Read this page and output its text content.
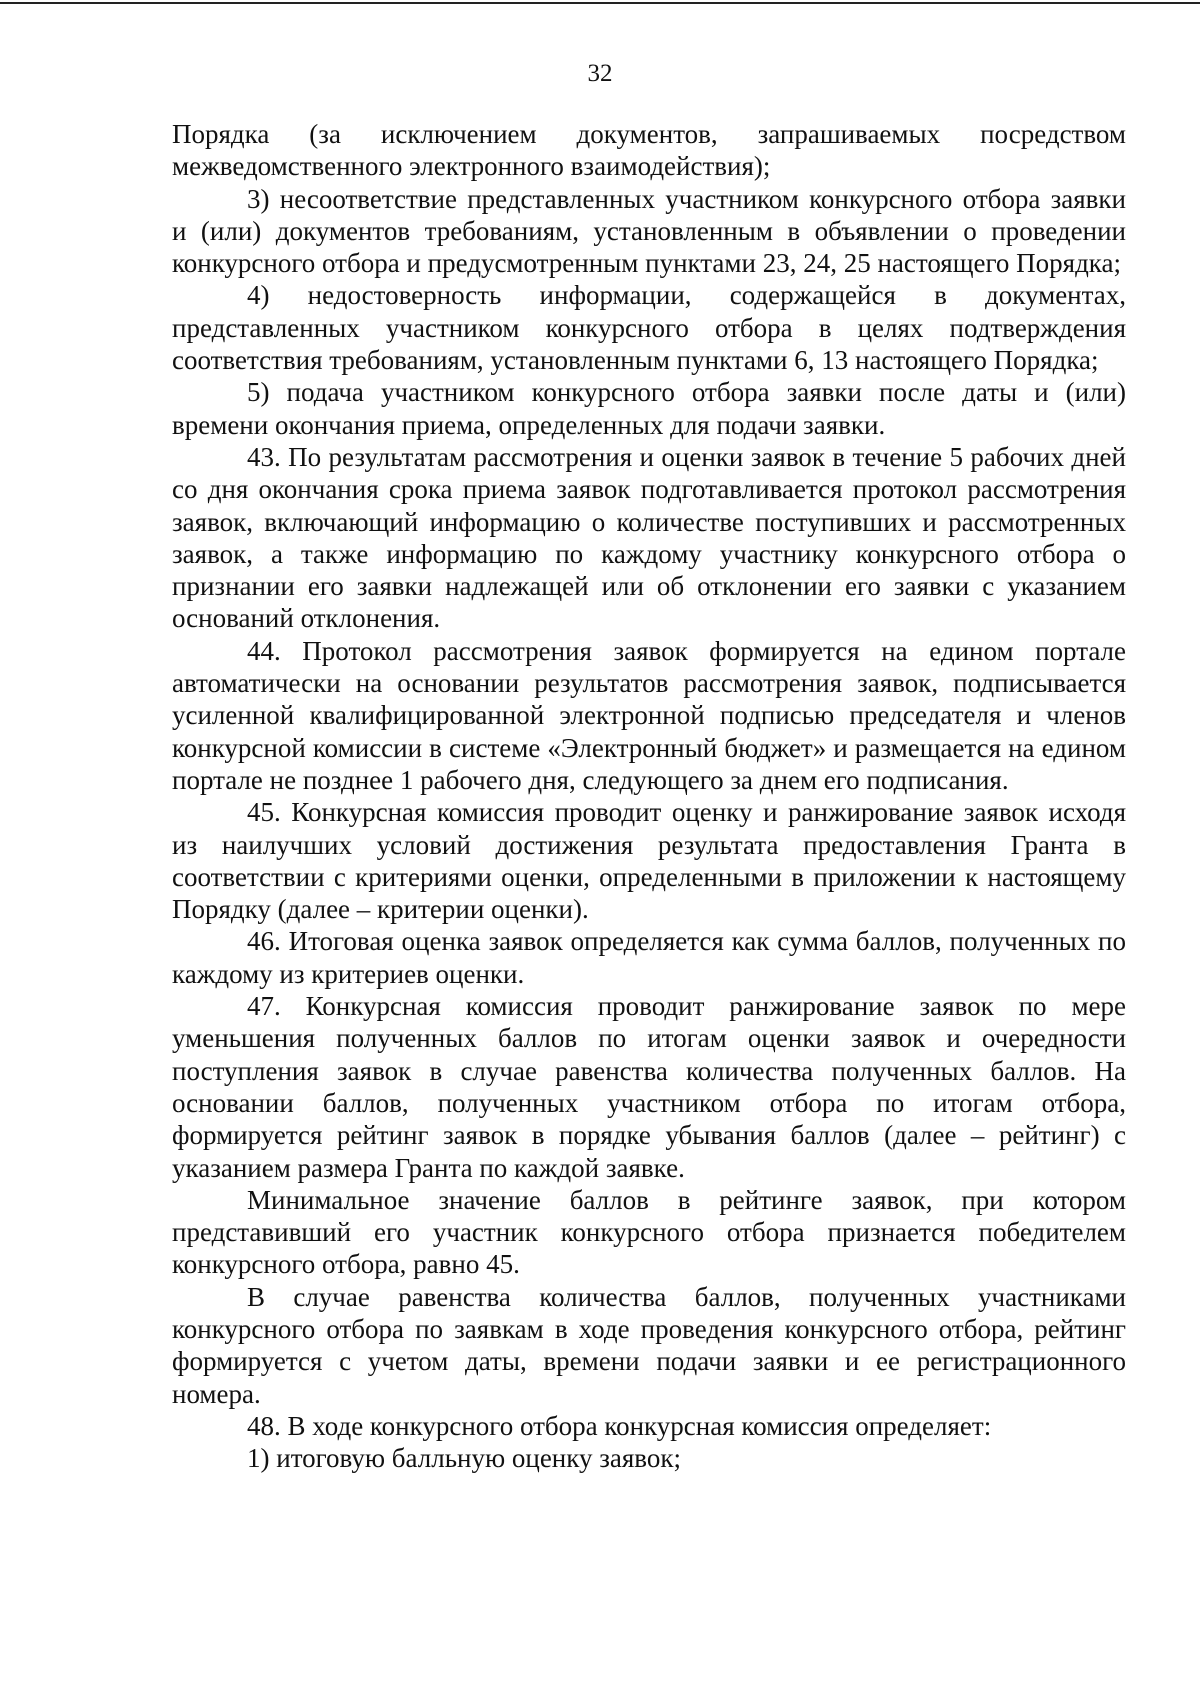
32

Порядка (за исключением документов, запрашиваемых посредством межведомственного электронного взаимодействия);

3) несоответствие представленных участником конкурсного отбора заявки и (или) документов требованиям, установленным в объявлении о проведении конкурсного отбора и предусмотренным пунктами 23, 24, 25 настоящего Порядка;

4) недостоверность информации, содержащейся в документах, представленных участником конкурсного отбора в целях подтверждения соответствия требованиям, установленным пунктами 6, 13 настоящего Порядка;

5) подача участником конкурсного отбора заявки после даты и (или) времени окончания приема, определенных для подачи заявки.

43. По результатам рассмотрения и оценки заявок в течение 5 рабочих дней со дня окончания срока приема заявок подготавливается протокол рассмотрения заявок, включающий информацию о количестве поступивших и рассмотренных заявок, а также информацию по каждому участнику конкурсного отбора о признании его заявки надлежащей или об отклонении его заявки с указанием оснований отклонения.

44. Протокол рассмотрения заявок формируется на едином портале автоматически на основании результатов рассмотрения заявок, подписывается усиленной квалифицированной электронной подписью председателя и членов конкурсной комиссии в системе «Электронный бюджет» и размещается на едином портале не позднее 1 рабочего дня, следующего за днем его подписания.

45. Конкурсная комиссия проводит оценку и ранжирование заявок исходя из наилучших условий достижения результата предоставления Гранта в соответствии с критериями оценки, определенными в приложении к настоящему Порядку (далее – критерии оценки).

46. Итоговая оценка заявок определяется как сумма баллов, полученных по каждому из критериев оценки.

47. Конкурсная комиссия проводит ранжирование заявок по мере уменьшения полученных баллов по итогам оценки заявок и очередности поступления заявок в случае равенства количества полученных баллов. На основании баллов, полученных участником отбора по итогам отбора, формируется рейтинг заявок в порядке убывания баллов (далее – рейтинг) с указанием размера Гранта по каждой заявке.

Минимальное значение баллов в рейтинге заявок, при котором представивший его участник конкурсного отбора признается победителем конкурсного отбора, равно 45.

В случае равенства количества баллов, полученных участниками конкурсного отбора по заявкам в ходе проведения конкурсного отбора, рейтинг формируется с учетом даты, времени подачи заявки и ее регистрационного номера.

48. В ходе конкурсного отбора конкурсная комиссия определяет:

1) итоговую балльную оценку заявок;
